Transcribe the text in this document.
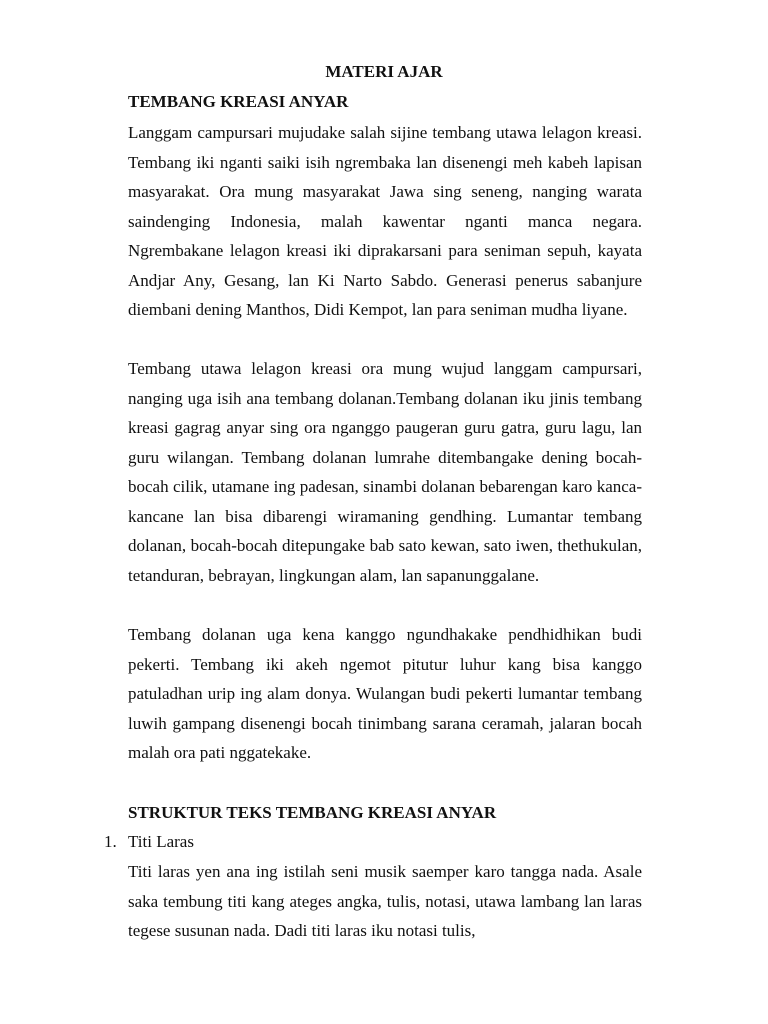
MATERI AJAR
TEMBANG KREASI ANYAR

Langgam campursari mujudake salah sijine tembang utawa lelagon kreasi. Tembang iki nganti saiki isih ngrembaka lan disenengi meh kabeh lapisan masyarakat. Ora mung masyarakat Jawa sing seneng, nanging warata saindenging Indonesia, malah kawentar nganti manca negara. Ngrembakane lelagon kreasi iki diprakarsani para seniman sepuh, kayata Andjar Any, Gesang, lan Ki Narto Sabdo. Generasi penerus sabanjure diembani dening Manthos, Didi Kempot, lan para seniman mudha liyane.

Tembang utawa lelagon kreasi ora mung wujud langgam campursari, nanging uga isih ana tembang dolanan.Tembang dolanan iku jinis tembang kreasi gagrag anyar sing ora nganggo paugeran guru gatra, guru lagu, lan guru wilangan. Tembang dolanan lumrahe ditembangake dening bocah-bocah cilik, utamane ing padesan, sinambi dolanan bebarengan karo kanca-kancane lan bisa dibarengi wiramaning gendhing. Lumantar tembang dolanan, bocah-bocah ditepungake bab sato kewan, sato iwen, thethukulan, tetanduran, bebrayan, lingkungan alam, lan sapanunggalane.

Tembang dolanan uga kena kanggo ngundhakake pendhidhikan budi pekerti. Tembang iki akeh ngemot pitutur luhur kang bisa kanggo patuladhan urip ing alam donya. Wulangan budi pekerti lumantar tembang luwih gampang disenengi bocah tinimbang sarana ceramah, jalaran bocah malah ora pati nggatekake.

STRUKTUR TEKS TEMBANG KREASI ANYAR
1. Titi Laras

Titi laras yen ana ing istilah seni musik saemper karo tangga nada. Asale saka tembung titi kang ateges angka, tulis, notasi, utawa lambang lan laras tegese susunan nada. Dadi titi laras iku notasi tulis,
